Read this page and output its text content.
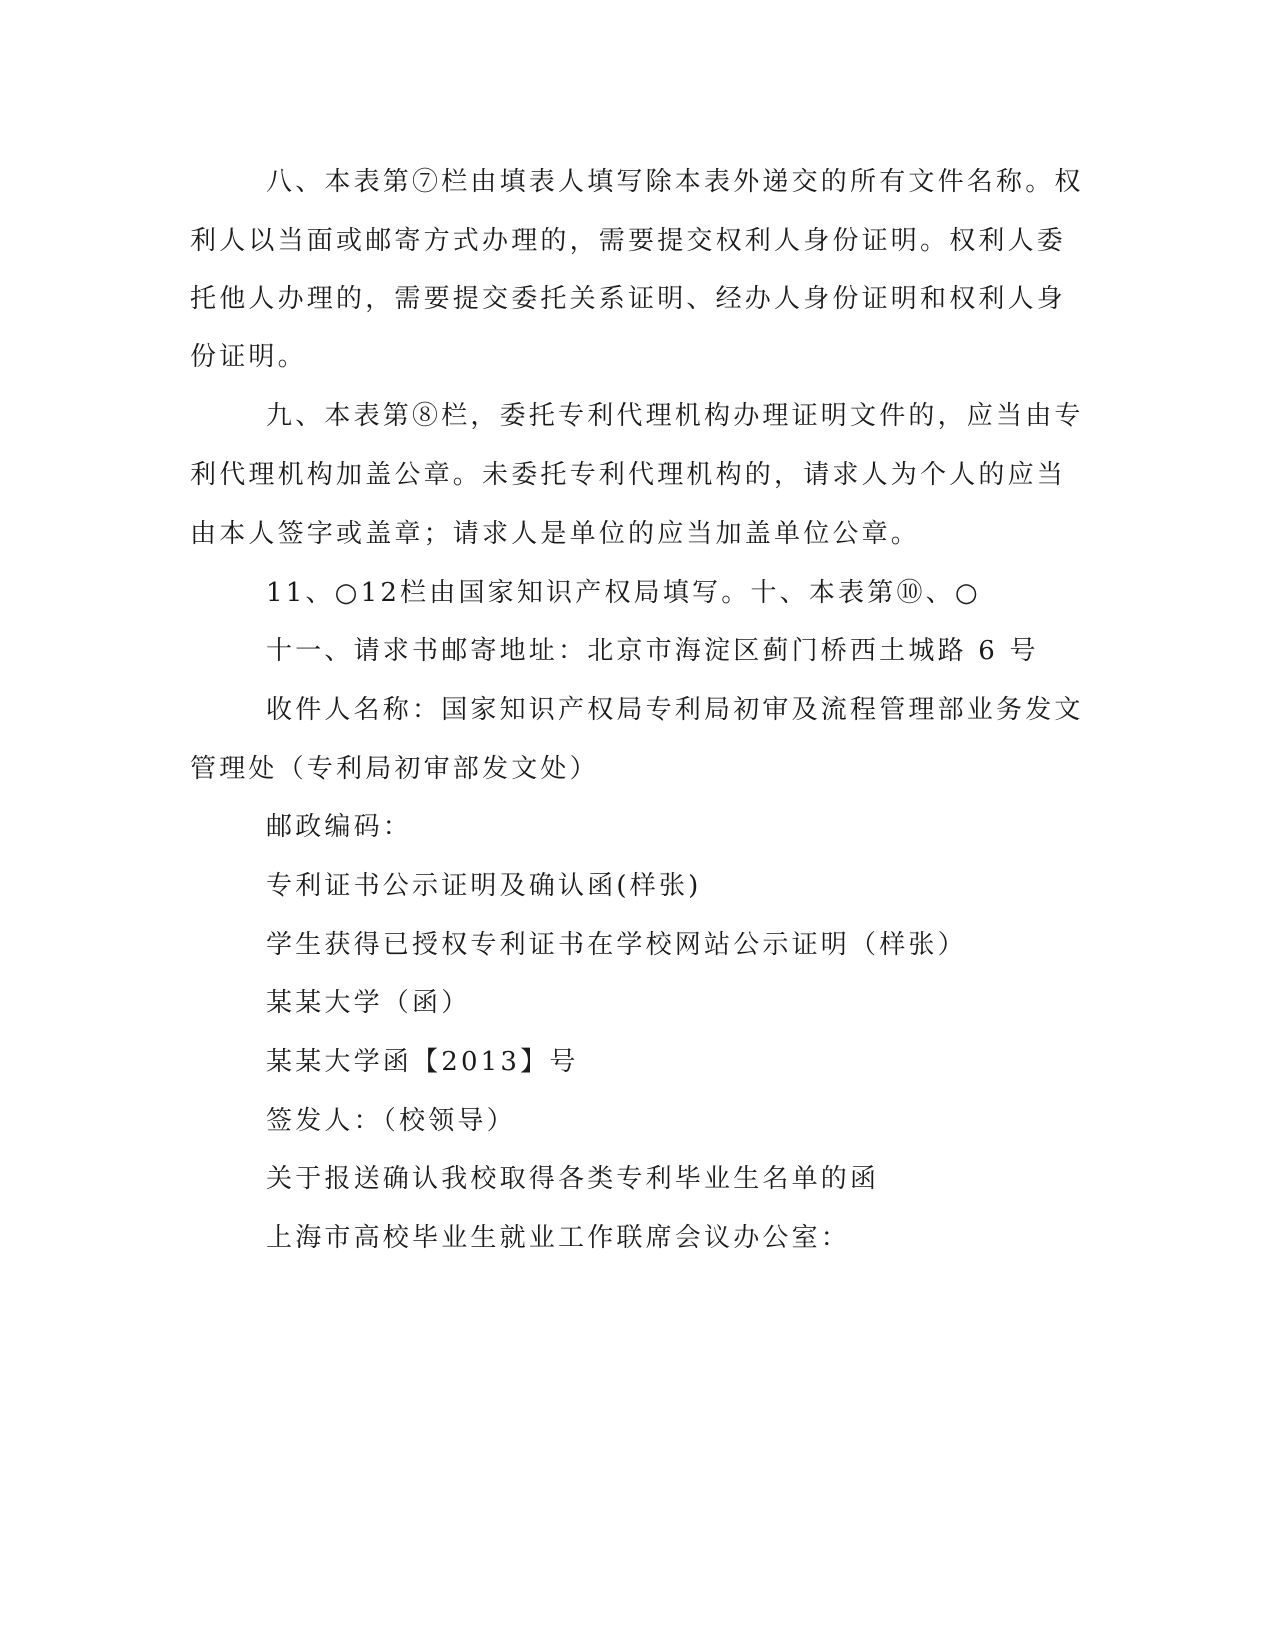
八、本表第⑦栏由填表人填写除本表外递交的所有文件名称。权
利人以当面或邮寄方式办理的，需要提交权利人身份证明。权利人委
托他人办理的，需要提交委托关系证明、经办人身份证明和权利人身
份证明。
九、本表第⑧栏，委托专利代理机构办理证明文件的，应当由专
利代理机构加盖公章。未委托专利代理机构的，请求人为个人的应当
由本人签字或盖章；请求人是单位的应当加盖单位公章。
11、○12栏由国家知识产权局填写。十、本表第⑩、○
十一、请求书邮寄地址：北京市海淀区蓟门桥西土城路 6 号
收件人名称：国家知识产权局专利局初审及流程管理部业务发文
管理处（专利局初审部发文处）
邮政编码：
专利证书公示证明及确认函(样张)
学生获得已授权专利证书在学校网站公示证明（样张）
某某大学（函）
某某大学函【2013】号
签发人：（校领导）
关于报送确认我校取得各类专利毕业生名单的函
上海市高校毕业生就业工作联席会议办公室：
